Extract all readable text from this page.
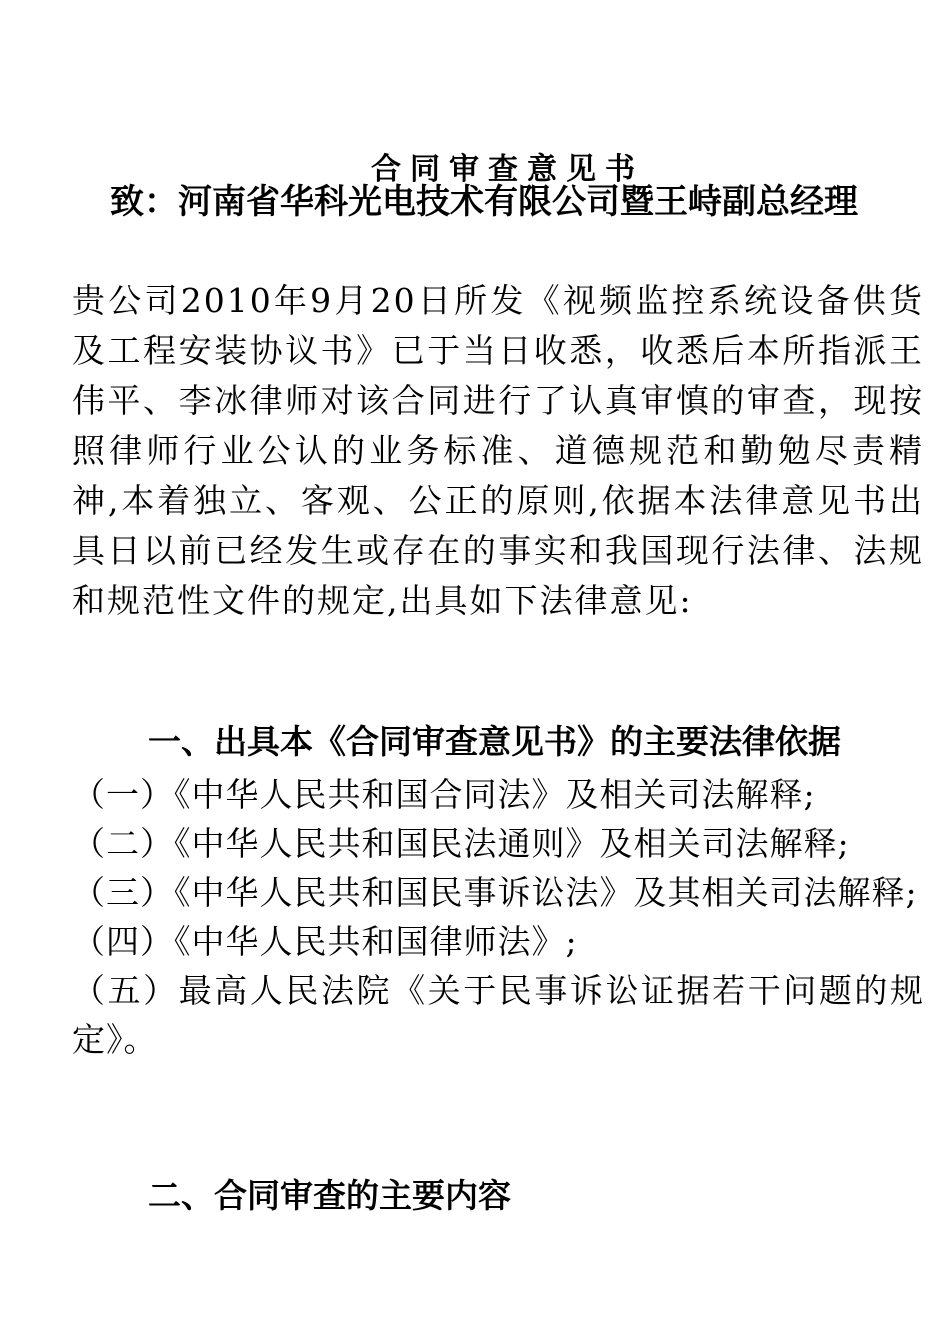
合同审查意见书

致：河南省华科光电技术有限公司暨王峙副总经理

贵公司2010年9月20日所发《视频监控系统设备供货及工程安装协议书》已于当日收悉，收悉后本所指派王伟平、李冰律师对该合同进行了认真审慎的审查，现按照律师行业公认的业务标准、道德规范和勤勉尽责精神,本着独立、客观、公正的原则,依据本法律意见书出具日以前已经发生或存在的事实和我国现行法律、法规和规范性文件的规定,出具如下法律意见:

一、出具本《合同审查意见书》的主要法律依据
（一）《中华人民共和国合同法》及相关司法解释;
（二）《中华人民共和国民法通则》及相关司法解释;
（三）《中华人民共和国民事诉讼法》及其相关司法解释;
（四）《中华人民共和国律师法》;
（五）最高人民法院《关于民事诉讼证据若干问题的规定》。
二、合同审查的主要内容
